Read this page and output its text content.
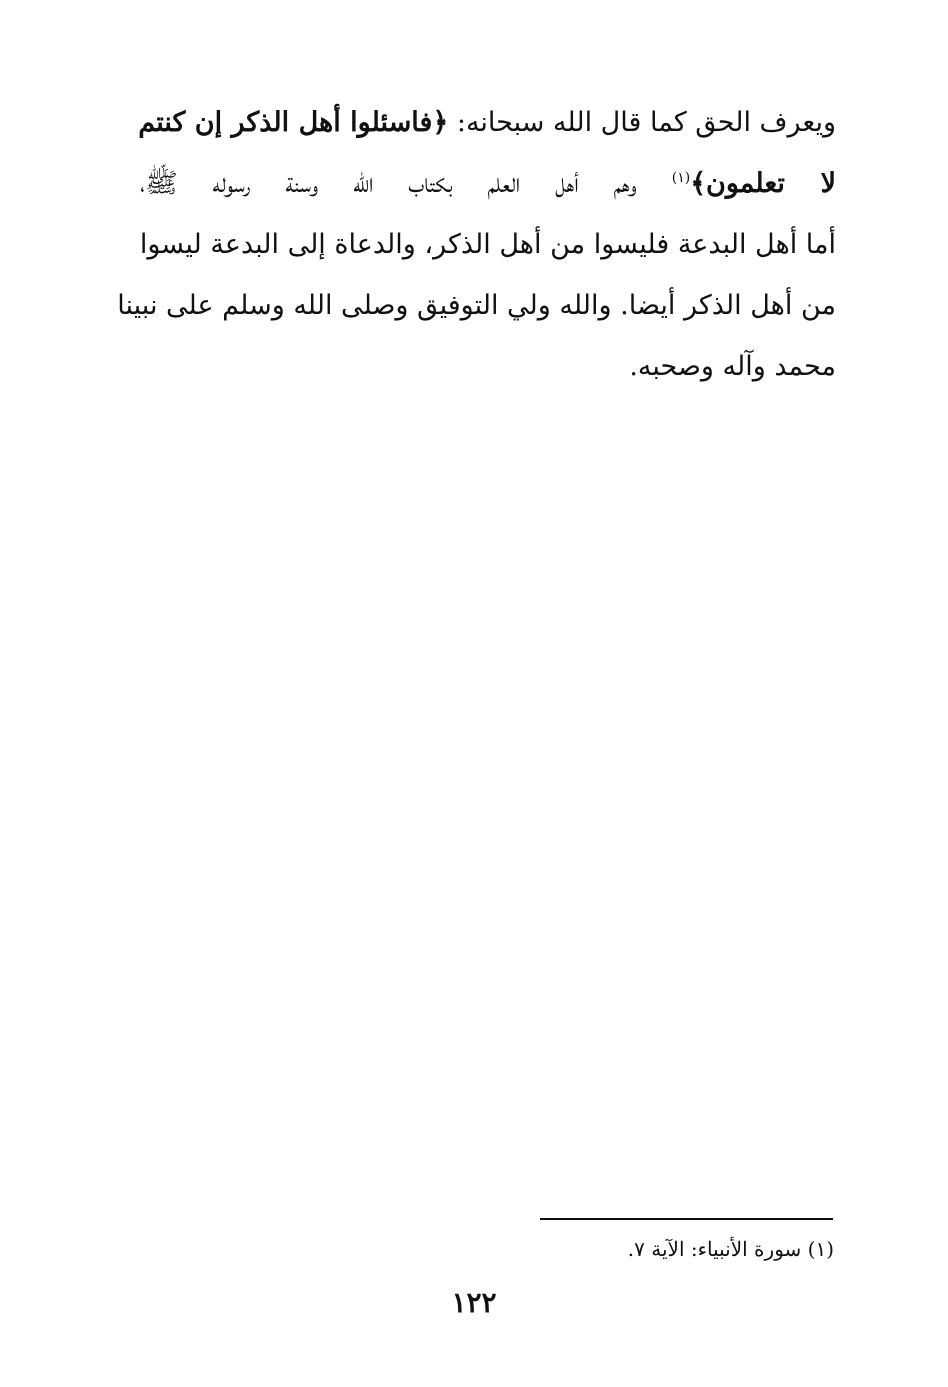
ويعرف الحق كما قال الله سبحانه: ﴿فاسئلوا أهل الذكر إن كنتم
لا تعلمون﴾$^{(١)}$ وهم أهل العلم بكتاب الله وسنة رسوله ﷺ،
أما أهل البدعة فليسوا من أهل الذكر، والدعاة إلى البدعة ليسوا
من أهل الذكر أيضا. والله ولي التوفيق وصلى الله وسلم على نبينا
محمد وآله وصحبه.
(١) سورة الأنبياء: الآية ٧.
١٢٢
